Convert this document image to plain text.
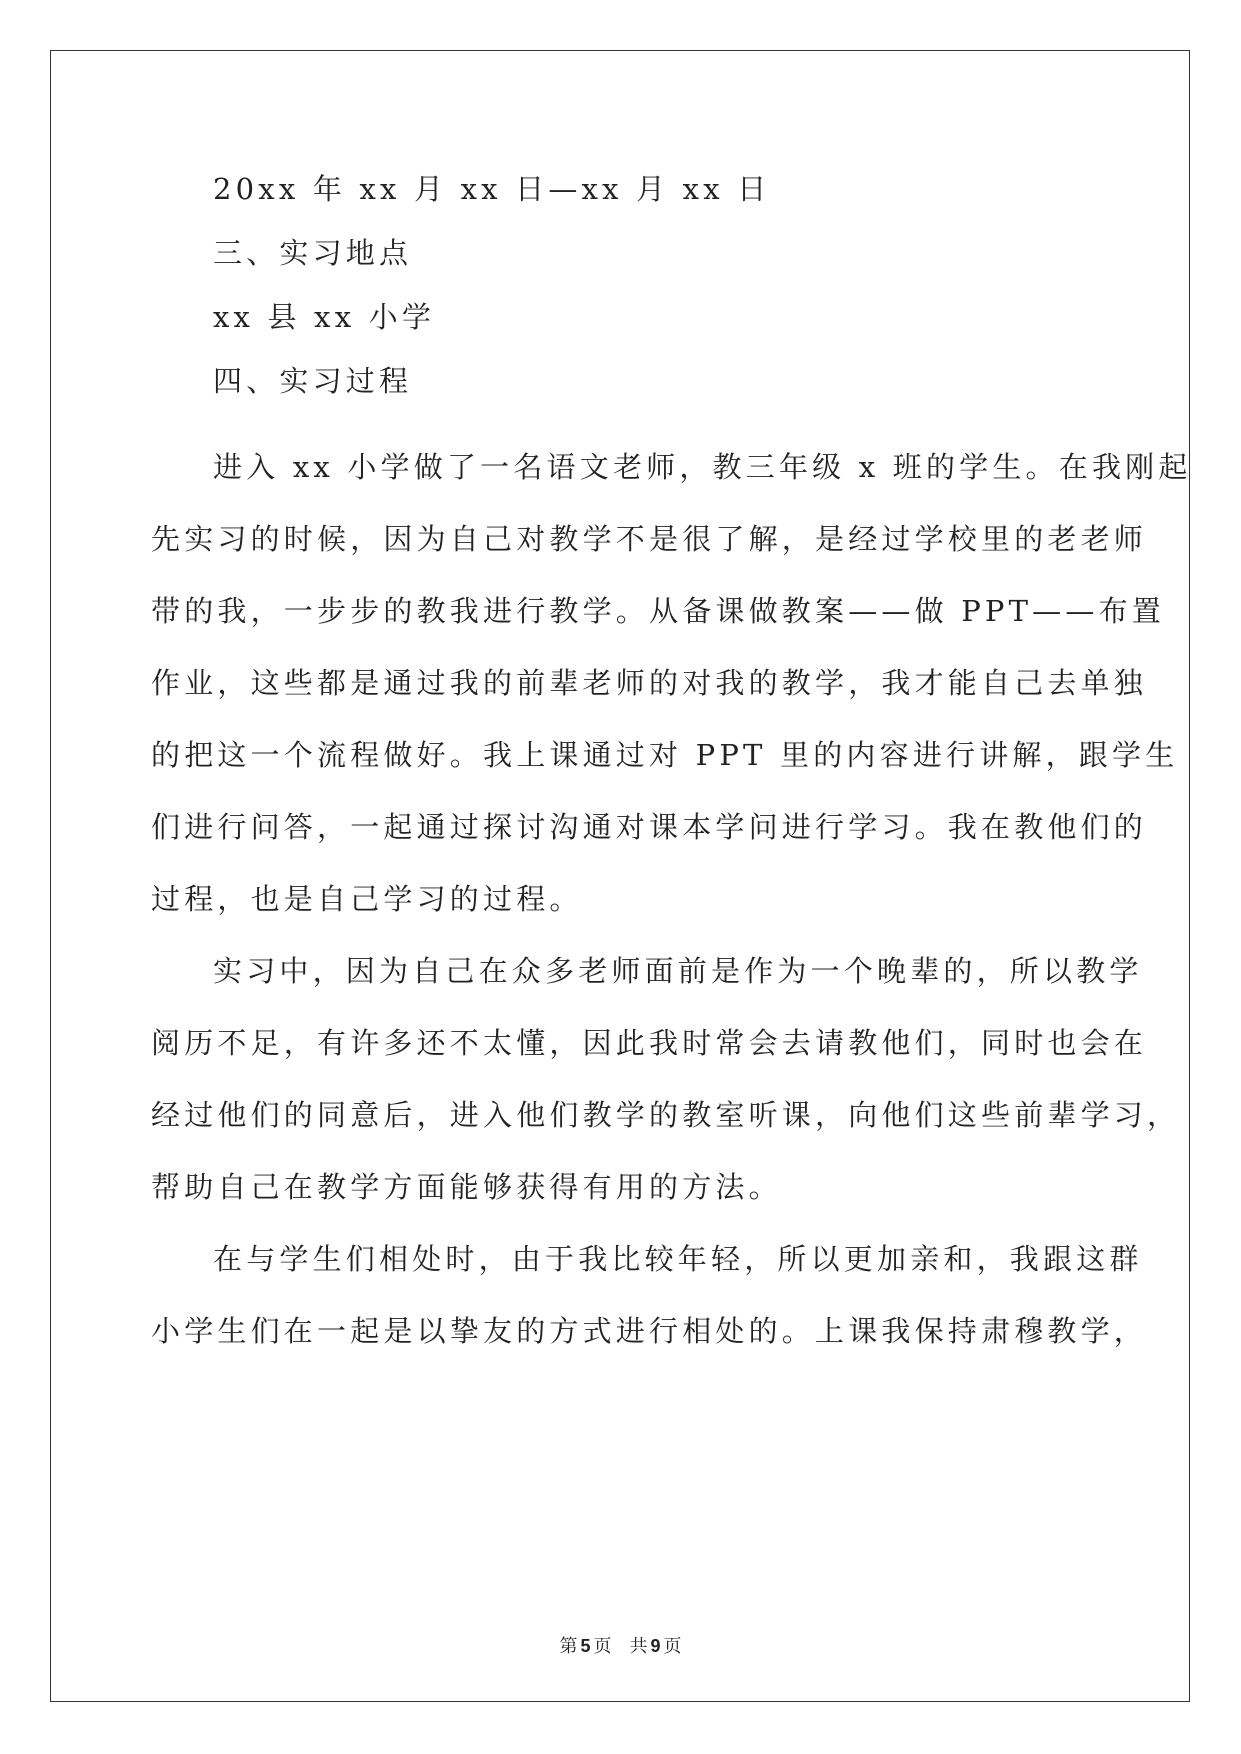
20xx 年 xx 月 xx 日—xx 月 xx 日

三、实习地点

xx 县 xx 小学

四、实习过程

进入 xx 小学做了一名语文老师，教三年级 x 班的学生。在我刚起

先实习的时候，因为自己对教学不是很了解，是经过学校里的老老师

带的我，一步步的教我进行教学。从备课做教案——做 PPT——布置

作业，这些都是通过我的前辈老师的对我的教学，我才能自己去单独

的把这一个流程做好。我上课通过对 PPT 里的内容进行讲解，跟学生

们进行问答，一起通过探讨沟通对课本学问进行学习。我在教他们的

过程，也是自己学习的过程。

实习中，因为自己在众多老师面前是作为一个晚辈的，所以教学

阅历不足，有许多还不太懂，因此我时常会去请教他们，同时也会在

经过他们的同意后，进入他们教学的教室听课，向他们这些前辈学习，

帮助自己在教学方面能够获得有用的方法。

在与学生们相处时，由于我比较年轻，所以更加亲和，我跟这群

小学生们在一起是以挚友的方式进行相处的。上课我保持肃穆教学，

第 5 页 共 9 页
